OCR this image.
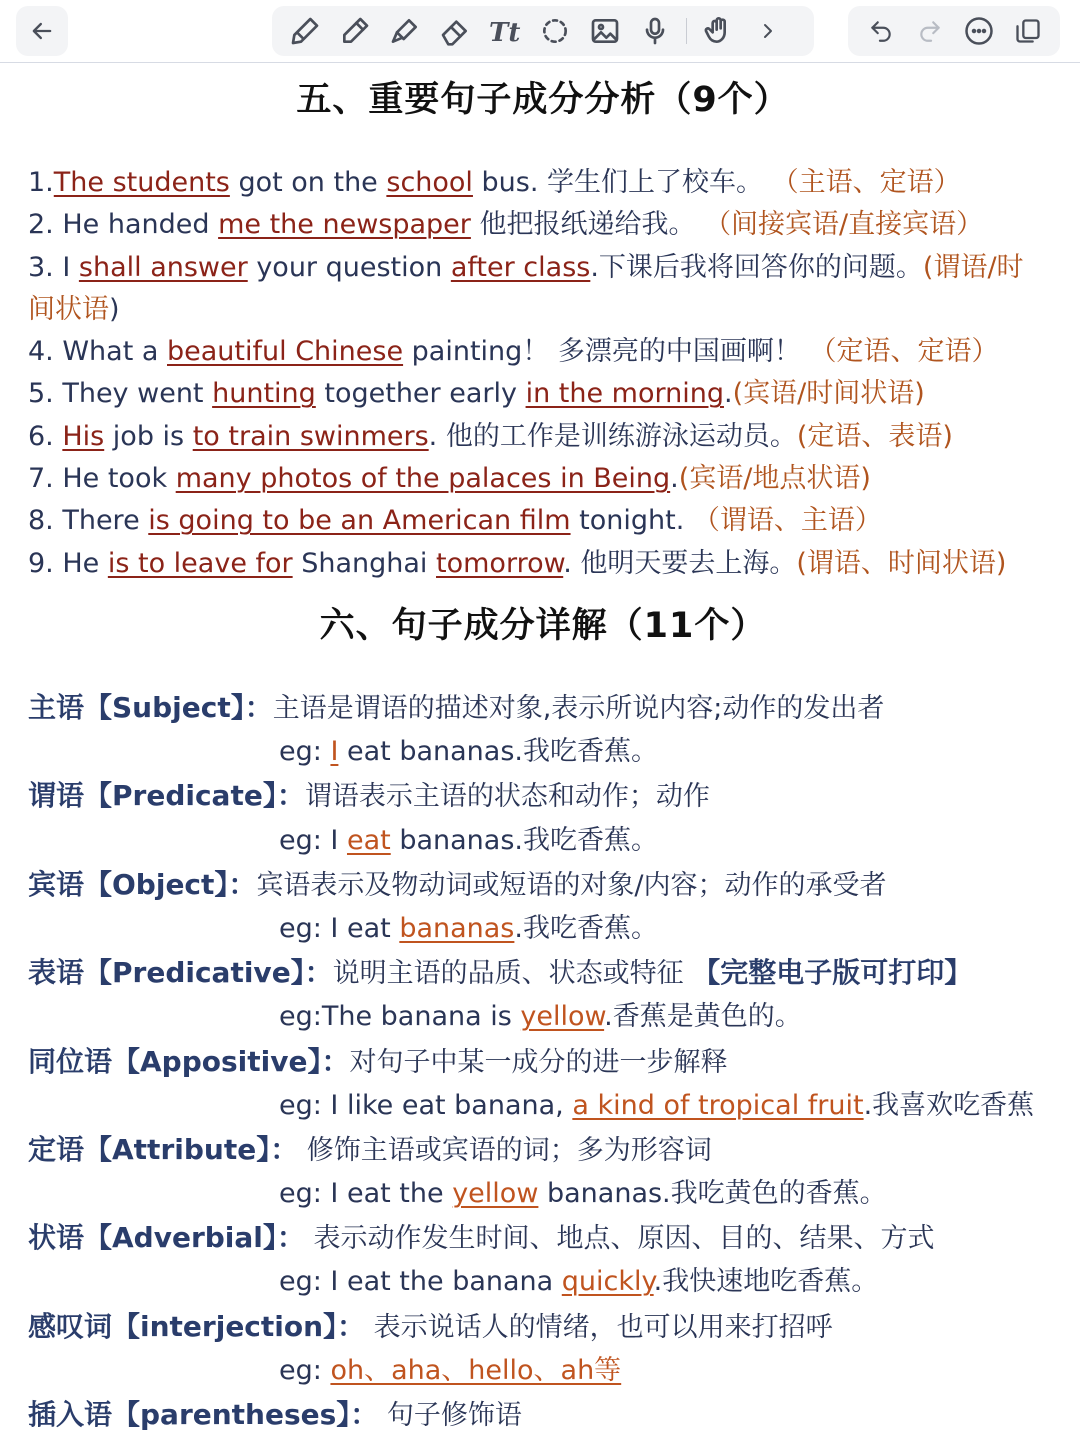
Tt
五、重要句子成分分析（9个）
1.The students got on the school bus. 学生们上了校车。 （主语、定语）
2. He handed me the newspaper 他把报纸递给我。 （间接宾语/直接宾语）
3. I shall answer your question after class.下课后我将回答你的问题。(谓语/时
间状语)
4. What a beautiful Chinese painting！ 多漂亮的中国画啊！ （定语、定语）
5. They went hunting together early in the morning.(宾语/时间状语)
6. His job is to train swinmers. 他的工作是训练游泳运动员。(定语、表语)
7. He took many photos of the palaces in Being.(宾语/地点状语)
8. There is going to be an American film tonight. （谓语、主语）
9. He is to leave for Shanghai tomorrow. 他明天要去上海。(谓语、时间状语)
六、句子成分详解（11个）
主语【Subject】：主语是谓语的描述对象,表示所说内容;动作的发出者
eg: I eat bananas.我吃香蕉。
谓语【Predicate】：谓语表示主语的状态和动作；动作
eg: I eat bananas.我吃香蕉。
宾语【Object】：宾语表示及物动词或短语的对象/内容；动作的承受者
eg: I eat bananas.我吃香蕉。
表语【Predicative】：说明主语的品质、状态或特征 【完整电子版可打印】
eg:The banana is yellow.香蕉是黄色的。
同位语【Appositive】：对句子中某一成分的进一步解释
eg: I like eat banana, a kind of tropical fruit.我喜欢吃香蕉
定语【Attribute】： 修饰主语或宾语的词；多为形容词
eg: I eat the yellow bananas.我吃黄色的香蕉。
状语【Adverbial】： 表示动作发生时间、地点、原因、目的、结果、方式
eg: I eat the banana quickly.我快速地吃香蕉。
感叹词【interjection】： 表示说话人的情绪，也可以用来打招呼
eg: oh、aha、hello、ah等
插入语【parentheses】： 句子修饰语
